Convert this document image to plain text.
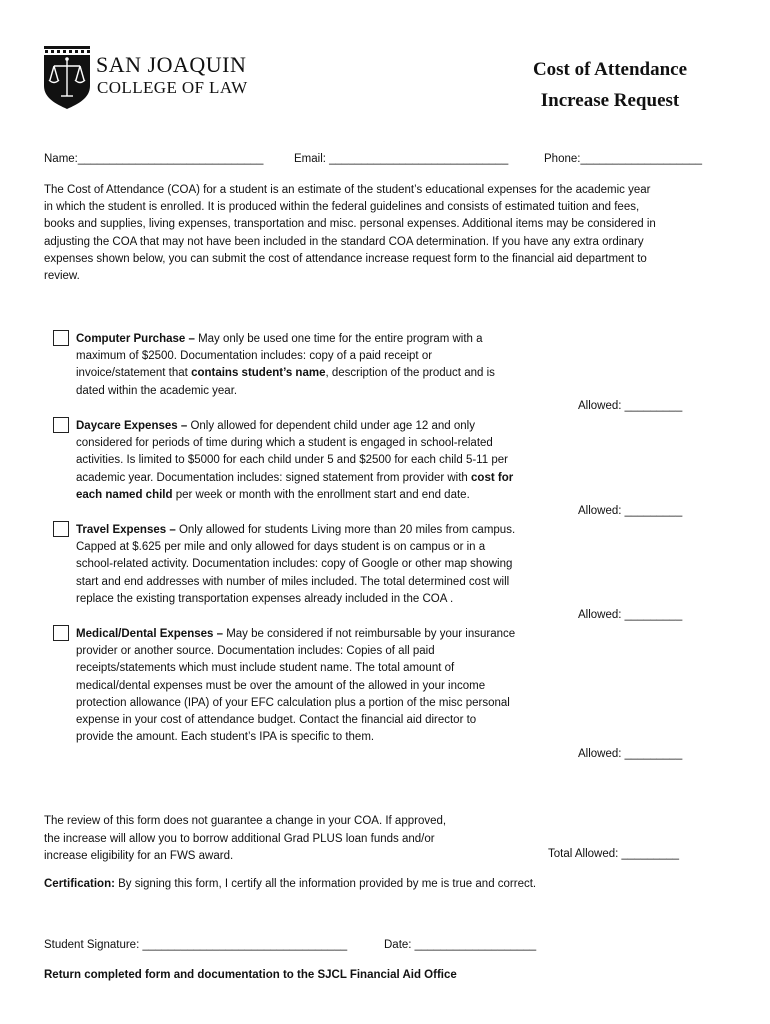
SAN JOAQUIN
COLLEGE OF LAW
Cost of Attendance
Increase Request
Name:_____________________________	Email: ____________________________	Phone:___________________
The Cost of Attendance (COA) for a student is an estimate of the student’s educational expenses for the academic year
in which the student is enrolled. It is produced within the federal guidelines and consists of estimated tuition and fees,
books and supplies, living expenses, transportation and misc. personal expenses. Additional items may be considered in
adjusting the COA that may not have been included in the standard COA determination. If you have any extra ordinary
expenses shown below, you can submit the cost of attendance increase request form to the financial aid department to
review.
Computer Purchase – May only be used one time for the entire program with a
maximum of $2500. Documentation includes: copy of a paid receipt or
invoice/statement that contains student’s name, description of the product and is
dated within the academic year.
Allowed: _________
Daycare Expenses – Only allowed for dependent child under age 12 and only
considered for periods of time during which a student is engaged in school-related
activities. Is limited to $5000 for each child under 5 and $2500 for each child 5-11 per
academic year. Documentation includes: signed statement from provider with cost for
each named child per week or month with the enrollment start and end date.
Allowed: _________
Travel Expenses – Only allowed for students Living more than 20 miles from campus.
Capped at $.625 per mile and only allowed for days student is on campus or in a
school-related activity. Documentation includes: copy of Google or other map showing
start and end addresses with number of miles included. The total determined cost will
replace the existing transportation expenses already included in the COA .
Allowed: _________
Medical/Dental Expenses – May be considered if not reimbursable by your insurance
provider or another source. Documentation includes: Copies of all paid
receipts/statements which must include student name. The total amount of
medical/dental expenses must be over the amount of the allowed in your income
protection allowance (IPA) of your EFC calculation plus a portion of the misc personal
expense in your cost of attendance budget. Contact the financial aid director to
provide the amount. Each student’s IPA is specific to them.
Allowed: _________
The review of this form does not guarantee a change in your COA. If approved,
the increase will allow you to borrow additional Grad PLUS loan funds and/or
increase eligibility for an FWS award.	Total Allowed: _________
Certification: By signing this form, I certify all the information provided by me is true and correct.
Student Signature: ________________________________	Date: ___________________
Return completed form and documentation to the SJCL Financial Aid Office
